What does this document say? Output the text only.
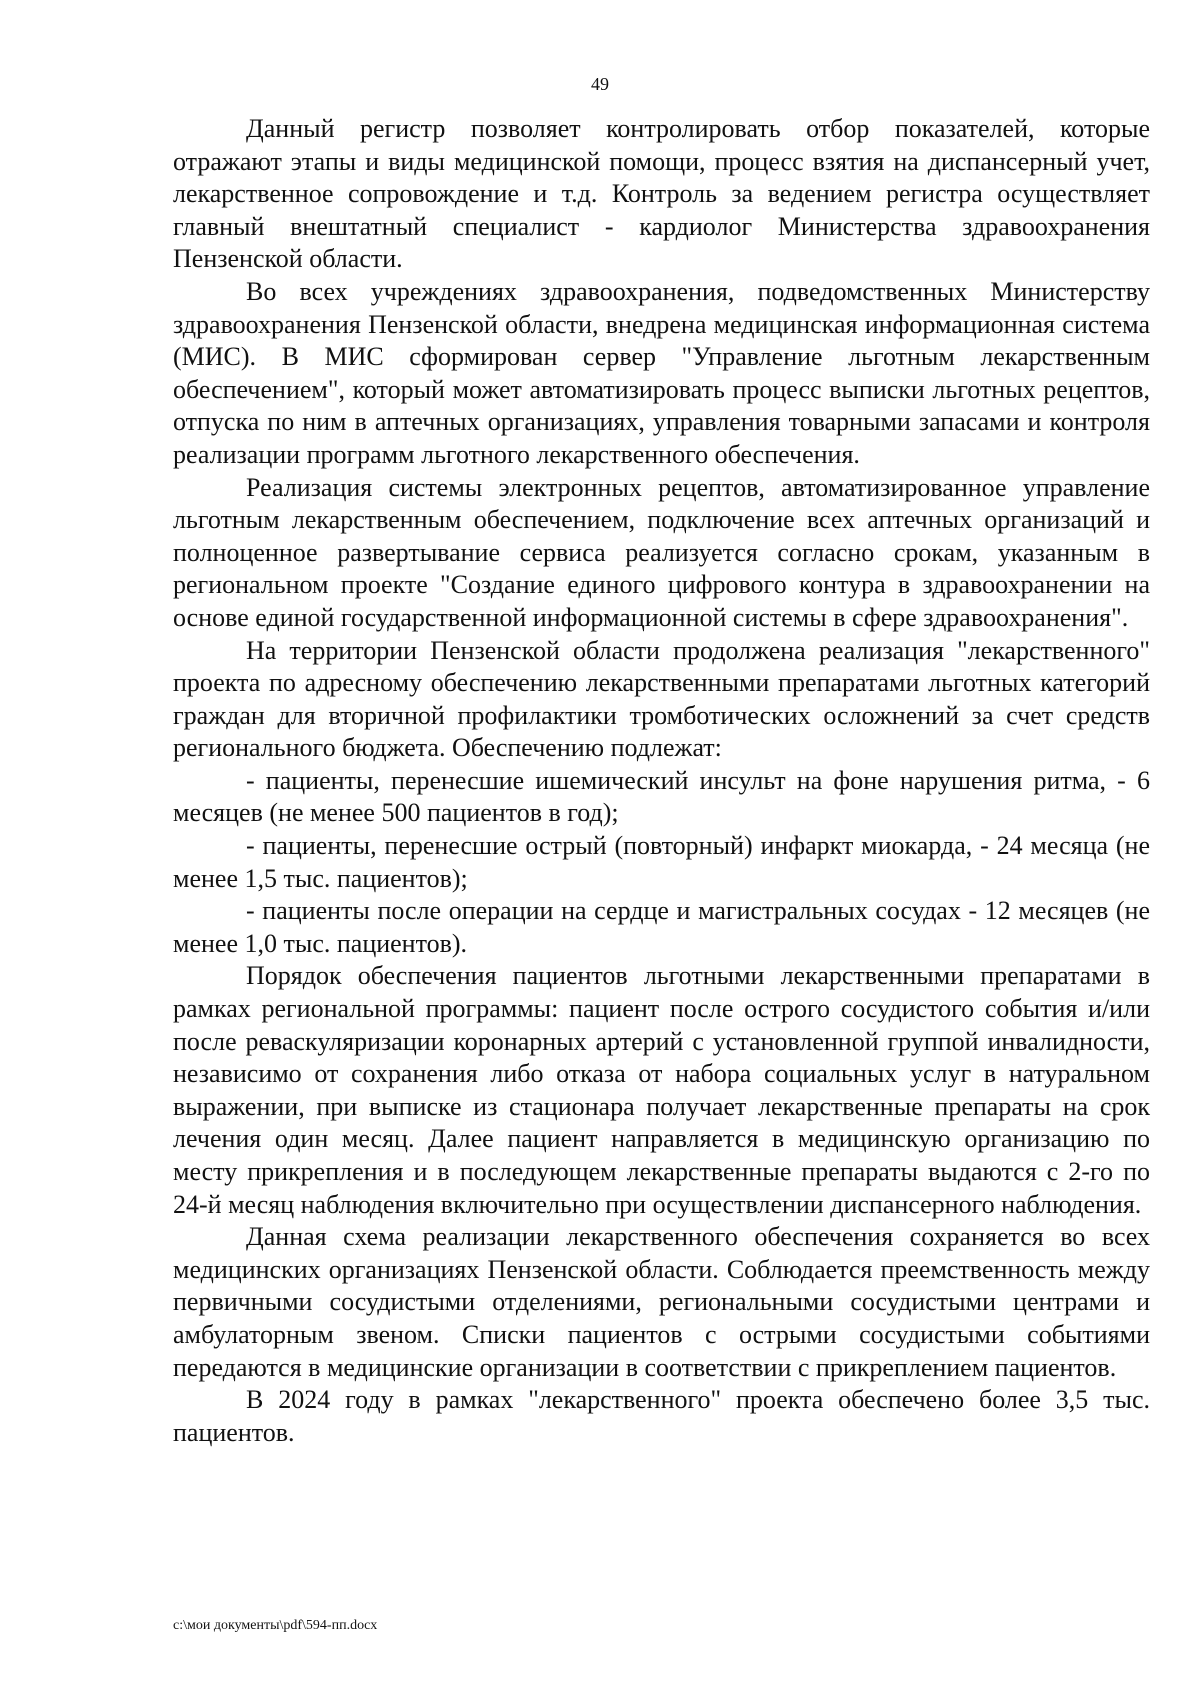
49

Данный регистр позволяет контролировать отбор показателей, которые отражают этапы и виды медицинской помощи, процесс взятия на диспансерный учет, лекарственное сопровождение и т.д. Контроль за ведением регистра осуществляет главный внештатный специалист - кардиолог Министерства здравоохранения Пензенской области.

Во всех учреждениях здравоохранения, подведомственных Министерству здравоохранения Пензенской области, внедрена медицинская информационная система (МИС). В МИС сформирован сервер "Управление льготным лекарственным обеспечением", который может автоматизировать процесс выписки льготных рецептов, отпуска по ним в аптечных организациях, управления товарными запасами и контроля реализации программ льготного лекарственного обеспечения.

Реализация системы электронных рецептов, автоматизированное управление льготным лекарственным обеспечением, подключение всех аптечных организаций и полноценное развертывание сервиса реализуется согласно срокам, указанным в региональном проекте "Создание единого цифрового контура в здравоохранении на основе единой государственной информационной системы в сфере здравоохранения".

На территории Пензенской области продолжена реализация "лекарственного" проекта по адресному обеспечению лекарственными препаратами льготных категорий граждан для вторичной профилактики тромботических осложнений за счет средств регионального бюджета. Обеспечению подлежат:

- пациенты, перенесшие ишемический инсульт на фоне нарушения ритма, - 6 месяцев (не менее 500 пациентов в год);

- пациенты, перенесшие острый (повторный) инфаркт миокарда, - 24 месяца (не менее 1,5 тыс. пациентов);

- пациенты после операции на сердце и магистральных сосудах - 12 месяцев (не менее 1,0 тыс. пациентов).

Порядок обеспечения пациентов льготными лекарственными препаратами в рамках региональной программы: пациент после острого сосудистого события и/или после реваскуляризации коронарных артерий с установленной группой инвалидности, независимо от сохранения либо отказа от набора социальных услуг в натуральном выражении, при выписке из стационара получает лекарственные препараты на срок лечения один месяц. Далее пациент направляется в медицинскую организацию по месту прикрепления и в последующем лекарственные препараты выдаются с 2-го по 24-й месяц наблюдения включительно при осуществлении диспансерного наблюдения.

Данная схема реализации лекарственного обеспечения сохраняется во всех медицинских организациях Пензенской области. Соблюдается преемственность между первичными сосудистыми отделениями, региональными сосудистыми центрами и амбулаторным звеном. Списки пациентов с острыми сосудистыми событиями передаются в медицинские организации в соответствии с прикреплением пациентов.

В 2024 году в рамках "лекарственного" проекта обеспечено более 3,5 тыс. пациентов.

c:\мои документы\pdf\594-пп.docx
